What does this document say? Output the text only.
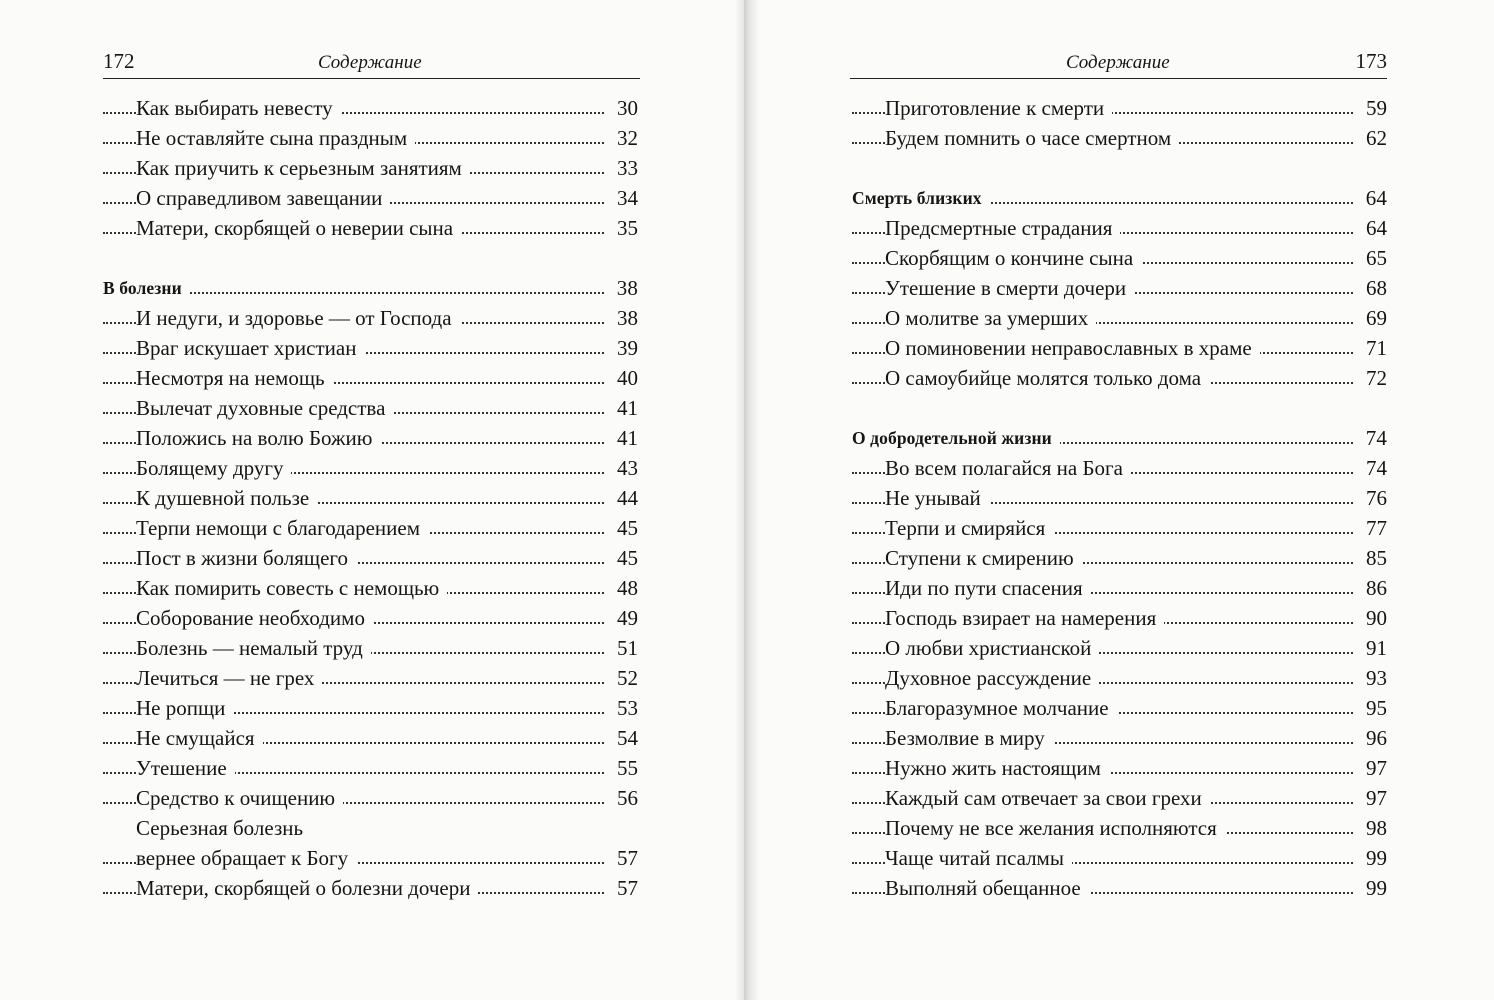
172	Содержание
Как выбирать невесту	30
Не оставляйте сына праздным	32
Как приучить к серьезным занятиям	33
О справедливом завещании	34
Матери, скорбящей о неверии сына	35
В болезни	38
И недуги, и здоровье — от Господа	38
Враг искушает христиан	39
Несмотря на немощь	40
Вылечат духовные средства	41
Положись на волю Божию	41
Болящему другу	43
К душевной пользе	44
Терпи немощи с благодарением	45
Пост в жизни болящего	45
Как помирить совесть с немощью	48
Соборование необходимо	49
Болезнь — немалый труд	51
Лечиться — не грех	52
Не ропщи	53
Не смущайся	54
Утешение	55
Средство к очищению	56
Серьезная болезнь
вернее обращает к Богу	57
Матери, скорбящей о болезни дочери	57
Содержание	173
Приготовление к смерти	59
Будем помнить о часе смертном	62
Смерть близких	64
Предсмертные страдания	64
Скорбящим о кончине сына	65
Утешение в смерти дочери	68
О молитве за умерших	69
О поминовении неправославных в храме	71
О самоубийце молятся только дома	72
О добродетельной жизни	74
Во всем полагайся на Бога	74
Не унывай	76
Терпи и смиряйся	77
Ступени к смирению	85
Иди по пути спасения	86
Господь взирает на намерения	90
О любви христианской	91
Духовное рассуждение	93
Благоразумное молчание	95
Безмолвие в миру	96
Нужно жить настоящим	97
Каждый сам отвечает за свои грехи	97
Почему не все желания исполняются	98
Чаще читай псалмы	99
Выполняй обещанное	99
